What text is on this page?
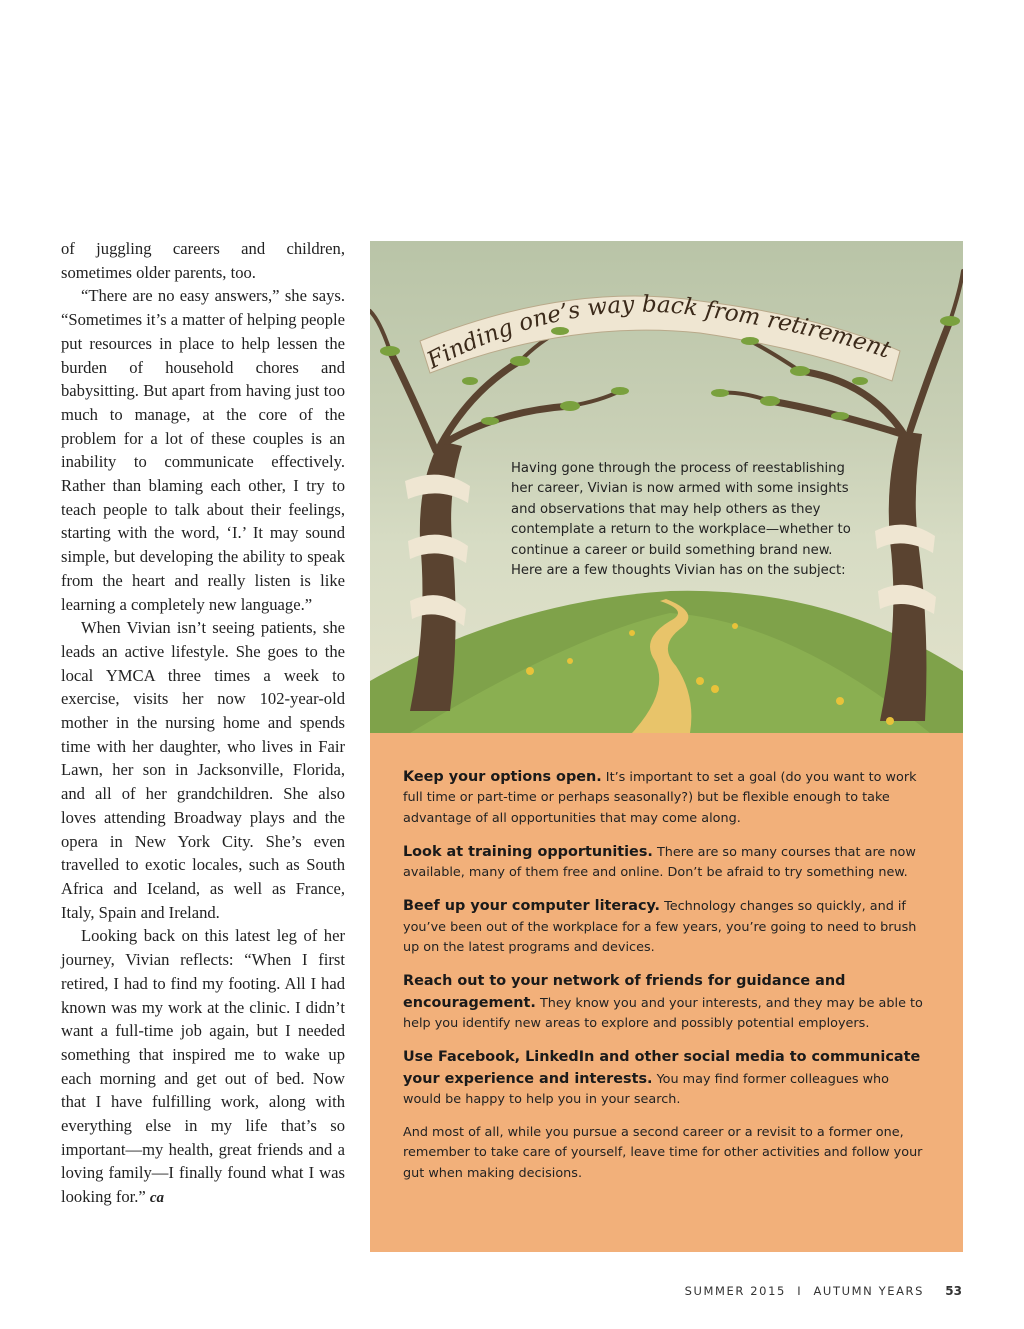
of juggling careers and children, sometimes older parents, too.

“There are no easy answers,” she says. “Sometimes it’s a matter of helping people put resources in place to help lessen the burden of household chores and babysitting. But apart from having just too much to manage, at the core of the problem for a lot of these couples is an inability to communicate effectively. Rather than blaming each other, I try to teach people to talk about their feelings, starting with the word, ‘I.’ It may sound simple, but developing the ability to speak from the heart and really listen is like learning a completely new language.”

When Vivian isn’t seeing patients, she leads an active lifestyle. She goes to the local YMCA three times a week to exercise, visits her now 102-year-old mother in the nursing home and spends time with her daughter, who lives in Fair Lawn, her son in Jacksonville, Florida, and all of her grandchildren. She also loves attending Broadway plays and the opera in New York City. She’s even travelled to exotic locales, such as South Africa and Iceland, as well as France, Italy, Spain and Ireland.

Looking back on this latest leg of her journey, Vivian reflects: “When I first retired, I had to find my footing. All I had known was my work at the clinic. I didn’t want a full-time job again, but I needed something that inspired me to wake up each morning and get out of bed. Now that I have fulfilling work, along with everything else in my life that’s so important—my health, great friends and a loving family—I finally found what I was looking for.” ca

Finding one’s way back from retirement
Having gone through the process of reestablishing her career, Vivian is now armed with some insights and observations that may help others as they contemplate a return to the workplace—whether to continue a career or build something brand new. Here are a few thoughts Vivian has on the subject:

Keep your options open. It’s important to set a goal (do you want to work full time or part-time or perhaps seasonally?) but be flexible enough to take advantage of all opportunities that may come along.

Look at training opportunities. There are so many courses that are now available, many of them free and online. Don’t be afraid to try something new.

Beef up your computer literacy. Technology changes so quickly, and if you’ve been out of the workplace for a few years, you’re going to need to brush up on the latest programs and devices.

Reach out to your network of friends for guidance and encouragement. They know you and your interests, and they may be able to help you identify new areas to explore and possibly potential employers.

Use Facebook, LinkedIn and other social media to communicate your experience and interests. You may find former colleagues who would be happy to help you in your search.

And most of all, while you pursue a second career or a revisit to a former one, remember to take care of yourself, leave time for other activities and follow your gut when making decisions.

SUMMER 2015 I AUTUMN YEARS 53
